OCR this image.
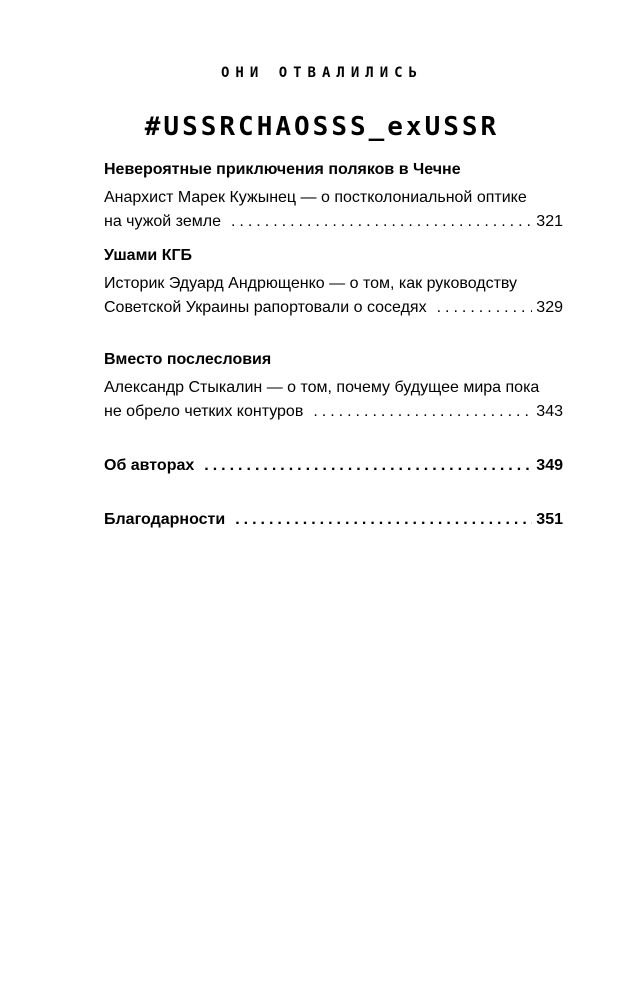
ОНИ ОТВАЛИЛИСЬ
#USSRCHAOSSS_exUSSR

Невероятные приключения поляков в Чечне

Анархист Марек Кужынец — о постколониальной оптике

на чужой земле .....	321

Ушами КГБ

Историк Эдуард Андрющенко — о том, как руководству

Советской Украины рапортовали о соседях .....	329

Вместо послесловия

Александр Стыкалин — о том, почему будущее мира пока

не обрело четких контуров .....	343
Об авторах .....	349
Благодарности .....	351
